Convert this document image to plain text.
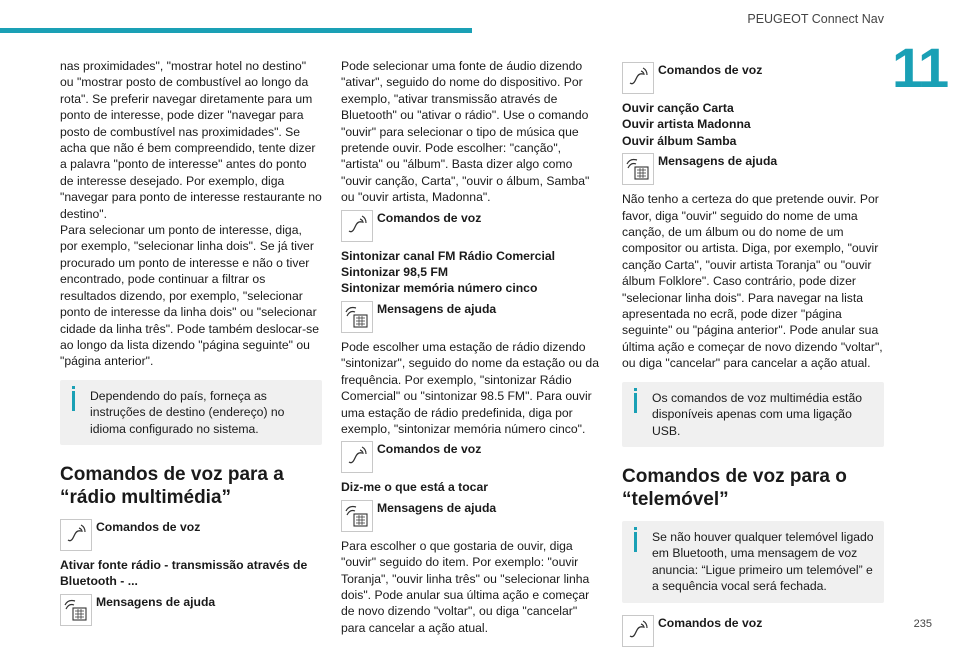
PEUGEOT Connect Nav
11
235

nas proximidades", "mostrar hotel no destino" ou "mostrar posto de combustível ao longo da rota". Se preferir navegar diretamente para um ponto de interesse, pode dizer "navegar para posto de combustível nas proximidades". Se acha que não é bem compreendido, tente dizer a palavra "ponto de interesse" antes do ponto de interesse desejado. Por exemplo, diga "navegar para ponto de interesse restaurante no destino".

Para selecionar um ponto de interesse, diga, por exemplo, "selecionar linha dois". Se já tiver procurado um ponto de interesse e não o tiver encontrado, pode continuar a filtrar os resultados dizendo, por exemplo, "selecionar ponto de interesse da linha dois" ou "selecionar cidade da linha três". Pode também deslocar-se ao longo da lista dizendo "página seguinte" ou "página anterior".

Dependendo do país, forneça as instruções de destino (endereço) no idioma configurado no sistema.

Comandos de voz para a “rádio multimédia”
Comandos de voz

Ativar fonte rádio - transmissão através de Bluetooth - ...

Mensagens de ajuda

Pode selecionar uma fonte de áudio dizendo "ativar", seguido do nome do dispositivo. Por exemplo, "ativar transmissão através de Bluetooth" ou "ativar o rádio". Use o comando "ouvir" para selecionar o tipo de música que pretende ouvir. Pode escolher: "canção", "artista" ou "álbum". Basta dizer algo como "ouvir canção, Carta", "ouvir o álbum, Samba" ou "ouvir artista, Madonna".

Comandos de voz

Sintonizar canal FM Rádio Comercial

Sintonizar 98,5 FM

Sintonizar memória número cinco

Mensagens de ajuda

Pode escolher uma estação de rádio dizendo "sintonizar", seguido do nome da estação ou da frequência. Por exemplo, "sintonizar Rádio Comercial" ou "sintonizar 98.5 FM". Para ouvir uma estação de rádio predefinida, diga por exemplo, "sintonizar memória número cinco".

Comandos de voz

Diz-me o que está a tocar

Mensagens de ajuda

Para escolher o que gostaria de ouvir, diga "ouvir" seguido do item. Por exemplo: "ouvir Toranja", "ouvir linha três" ou "selecionar linha dois". Pode anular sua última ação e começar de novo dizendo "voltar", ou diga "cancelar" para cancelar a ação atual.

Comandos de voz

Ouvir canção Carta

Ouvir artista Madonna

Ouvir álbum Samba

Mensagens de ajuda

Não tenho a certeza do que pretende ouvir. Por favor, diga "ouvir" seguido do nome de uma canção, de um álbum ou do nome de um compositor ou artista. Diga, por exemplo, "ouvir canção Carta", "ouvir artista Toranja" ou "ouvir álbum Folklore". Caso contrário, pode dizer "selecionar linha dois". Para navegar na lista apresentada no ecrã, pode dizer "página seguinte" ou "página anterior". Pode anular sua última ação e começar de novo dizendo "voltar", ou diga "cancelar" para cancelar a ação atual.

Os comandos de voz multimédia estão disponíveis apenas com uma ligação USB.

Comandos de voz para o “telemóvel”

Se não houver qualquer telemóvel ligado em Bluetooth, uma mensagem de voz anuncia: “Ligue primeiro um telemóvel” e a sequência vocal será fechada.

Comandos de voz
